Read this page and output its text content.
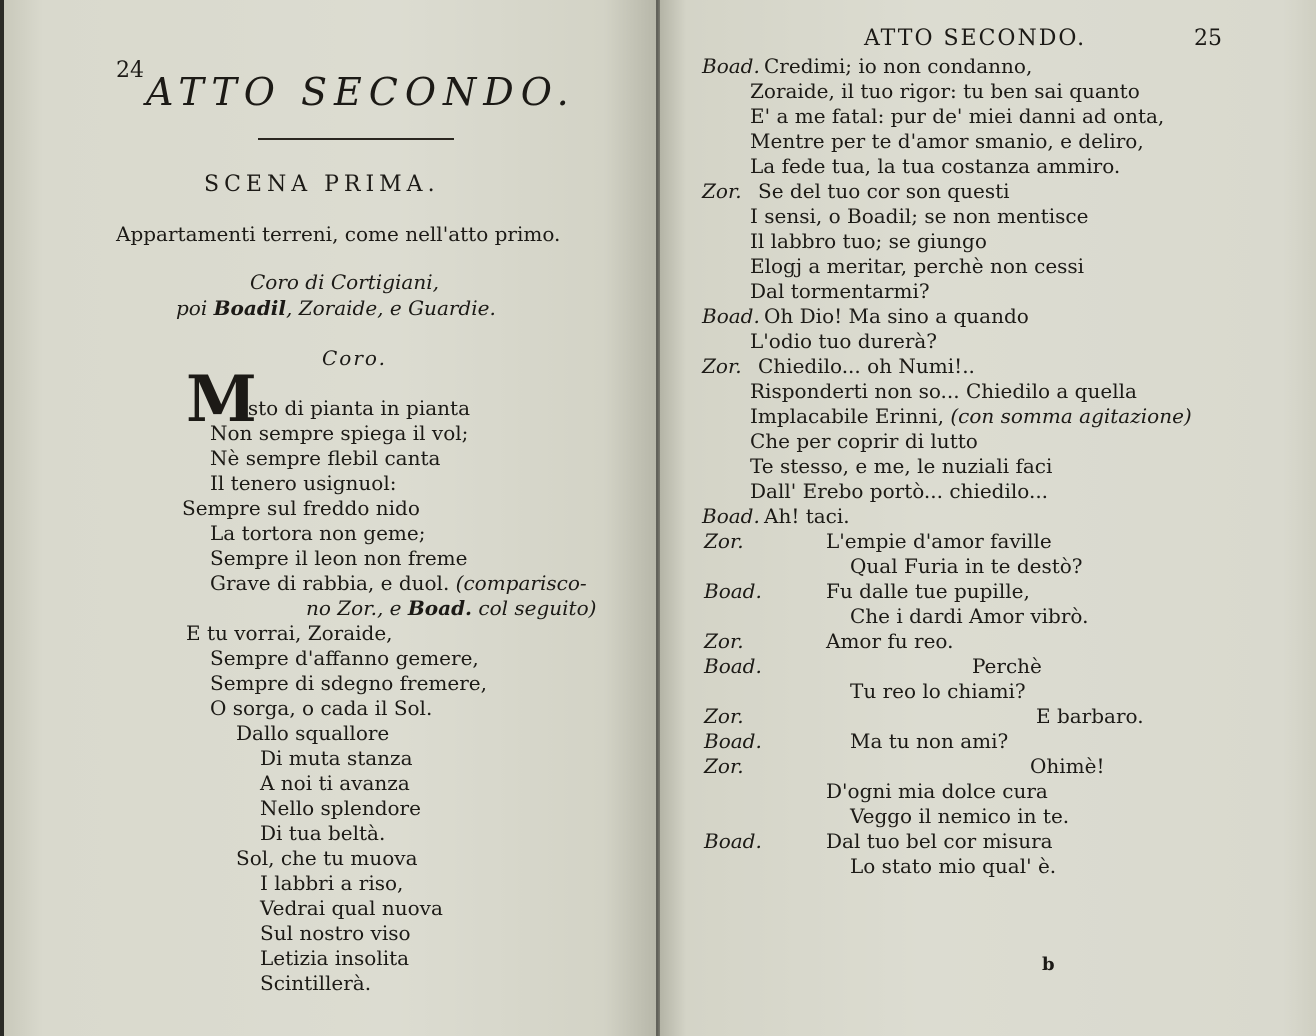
24 ATTO SECONDO.
SCENA PRIMA.
Appartamenti terreni, come nell'atto primo.
Coro di Cortigiani,
poi Boadil, Zoraide, e Guardie.
Coro.
M
esto di pianta in pianta
Non sempre spiega il vol;
Nè sempre flebil canta
Il tenero usignuol:
Sempre sul freddo nido
La tortora non geme;
Sempre il leon non freme
Grave di rabbia, e duol. (comparisco-
no Zor., e Boad. col seguito)
E tu vorrai, Zoraide,
Sempre d'affanno gemere,
Sempre di sdegno fremere,
O sorga, o cada il Sol.
Dallo squallore
Di muta stanza
A noi ti avanza
Nello splendore
Di tua beltà.
Sol, che tu muova
I labbri a riso,
Vedrai qual nuova
Sul nostro viso
Letizia insolita
Scintillerà.
ATTO SECONDO.	25
Boad. Credimi; io non condanno,
Zoraide, il tuo rigor: tu ben sai quanto
E' a me fatal: pur de' miei danni ad onta,
Mentre per te d'amor smanio, e deliro,
La fede tua, la tua costanza ammiro.
Zor. Se del tuo cor son questi
I sensi, o Boadil; se non mentisce
Il labbro tuo; se giungo
Elogj a meritar, perchè non cessi
Dal tormentarmi?
Boad. Oh Dio! Ma sino a quando
L'odio tuo durerà?
Zor. Chiedilo... oh Numi!..
Risponderti non so... Chiedilo a quella
Implacabile Erinni, (con somma agitazione)
Che per coprir di lutto
Te stesso, e me, le nuziali faci
Dall' Erebo portò... chiedilo...
Boad. Ah! taci.
Zor.	L'empie d'amor faville
Qual Furia in te destò?
Boad.	Fu dalle tue pupille,
Che i dardi Amor vibrò.
Zor.	Amor fu reo.
Boad.	Perchè
Tu reo lo chiami?
Zor.	E barbaro.
Boad.	Ma tu non ami?
Zor.	Ohimè!
D'ogni mia dolce cura
Veggo il nemico in te.
Boad.	Dal tuo bel cor misura
Lo stato mio qual' è.
b
